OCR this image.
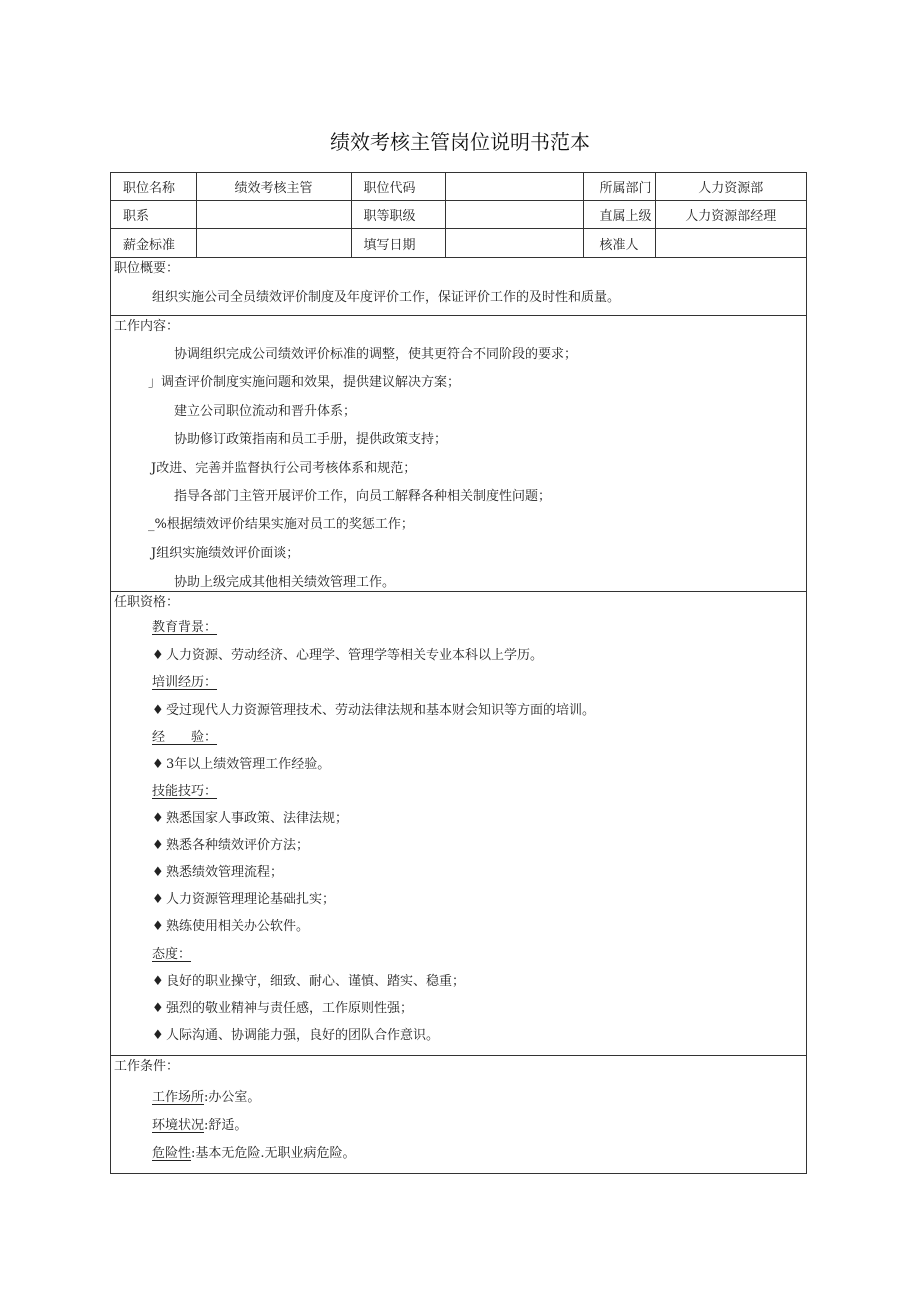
绩效考核主管岗位说明书范本
职位名称	绩效考核主管	职位代码		所属部门	人力资源部
职系		职等职级		直属上级	人力资源部经理
薪金标准		填写日期		核准人	
职位概要：
组织实施公司全员绩效评价制度及年度评价工作，保证评价工作的及时性和质量。
工作内容：
协调组织完成公司绩效评价标准的调整，使其更符合不同阶段的要求；
」调查评价制度实施问题和效果，提供建议解决方案；
建立公司职位流动和晋升体系；
协助修订政策指南和员工手册，提供政策支持；
J改进、完善并监督执行公司考核体系和规范；
指导各部门主管开展评价工作，向员工解释各种相关制度性问题；
_%根据绩效评价结果实施对员工的奖惩工作；
J组织实施绩效评价面谈；
协助上级完成其他相关绩效管理工作。
任职资格：
教育背景：
♦ 人力资源、劳动经济、心理学、管理学等相关专业本科以上学历。
培训经历：
♦ 受过现代人力资源管理技术、劳动法律法规和基本财会知识等方面的培训。
经　　验：
♦ 3年以上绩效管理工作经验。
技能技巧：
♦ 熟悉国家人事政策、法律法规；
♦ 熟悉各种绩效评价方法；
♦ 熟悉绩效管理流程；
♦ 人力资源管理理论基础扎实；
♦ 熟练使用相关办公软件。
态度：
♦ 良好的职业操守，细致、耐心、谨慎、踏实、稳重；
♦ 强烈的敬业精神与责任感，工作原则性强；
♦ 人际沟通、协调能力强，良好的团队合作意识。
工作条件：
工作场所:办公室。
环境状况:舒适。
危险性:基本无危险.无职业病危险。
